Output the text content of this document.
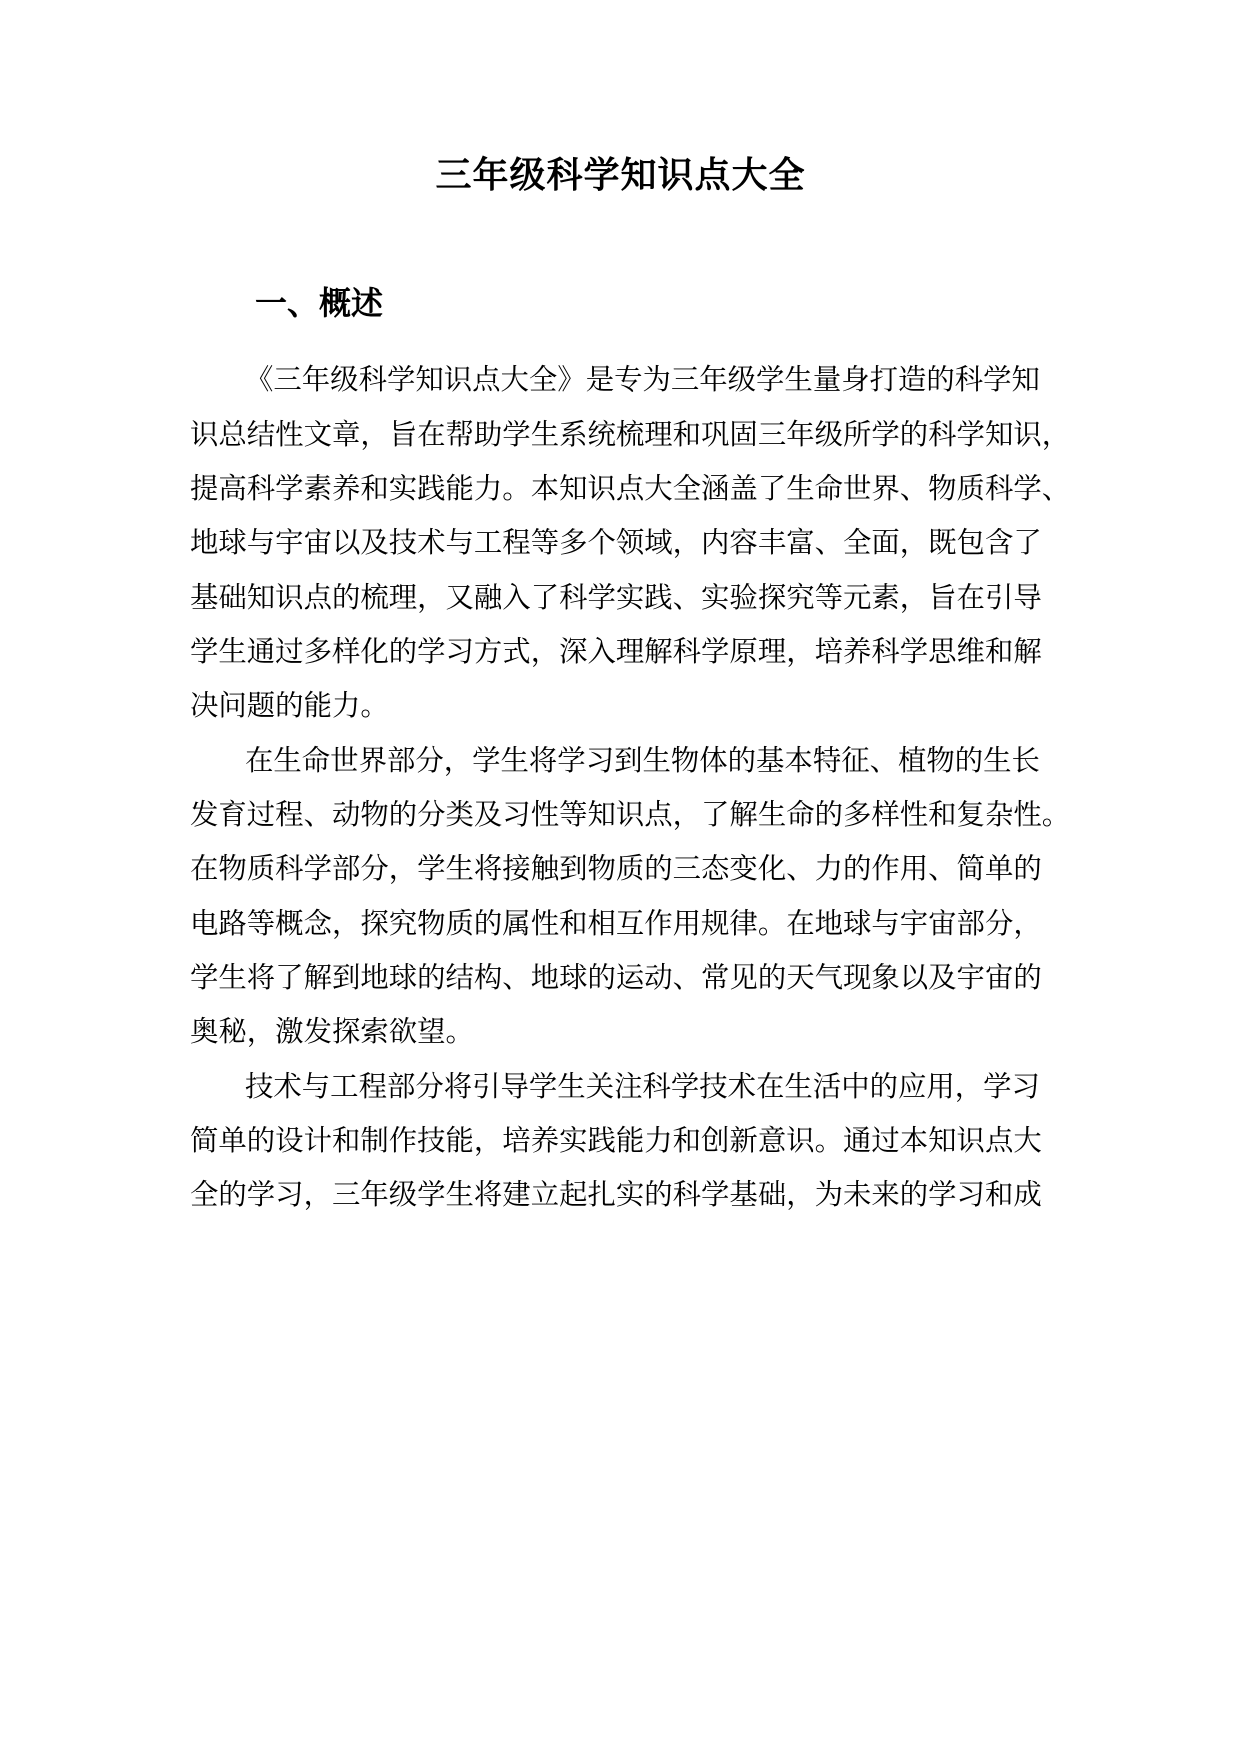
三年级科学知识点大全
一、概述

《三年级科学知识点大全》是专为三年级学生量身打造的科学知

识总结性文章，旨在帮助学生系统梳理和巩固三年级所学的科学知识，

提高科学素养和实践能力。本知识点大全涵盖了生命世界、物质科学、

地球与宇宙以及技术与工程等多个领域，内容丰富、全面，既包含了

基础知识点的梳理，又融入了科学实践、实验探究等元素，旨在引导

学生通过多样化的学习方式，深入理解科学原理，培养科学思维和解

决问题的能力。

在生命世界部分，学生将学习到生物体的基本特征、植物的生长

发育过程、动物的分类及习性等知识点，了解生命的多样性和复杂性。

在物质科学部分，学生将接触到物质的三态变化、力的作用、简单的

电路等概念，探究物质的属性和相互作用规律。在地球与宇宙部分，

学生将了解到地球的结构、地球的运动、常见的天气现象以及宇宙的

奥秘，激发探索欲望。

技术与工程部分将引导学生关注科学技术在生活中的应用，学习

简单的设计和制作技能，培养实践能力和创新意识。通过本知识点大

全的学习，三年级学生将建立起扎实的科学基础，为未来的学习和成
